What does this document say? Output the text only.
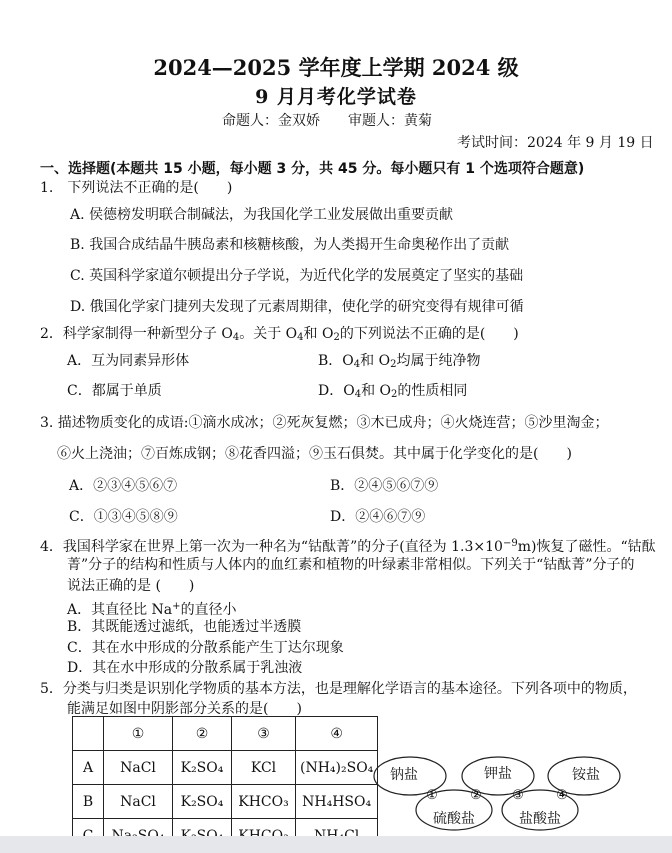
2024—2025 学年度上学期 2024 级
9 月月考化学试卷
命题人：金双娇　　审题人：黄菊
考试时间：2024 年 9 月 19 日
一、选择题(本题共 15 小题，每小题 3 分，共 45 分。每小题只有 1 个选项符合题意)
1.　下列说法不正确的是(　　)
A. 侯德榜发明联合制碱法，为我国化学工业发展做出重要贡献
B. 我国合成结晶牛胰岛素和核糖核酸，为人类揭开生命奥秘作出了贡献
C. 英国科学家道尔顿提出分子学说，为近代化学的发展奠定了坚实的基础
D. 俄国化学家门捷列夫发现了元素周期律，使化学的研究变得有规律可循
2．科学家制得一种新型分子 $O_4$。关于 $O_4$和 $O_2$的下列说法不正确的是(　　)
A．互为同素异形体	B．$O_4$和 $O_2$均属于纯净物
C．都属于单质	D．$O_4$和 $O_2$的性质相同
3. 描述物质变化的成语:①滴水成冰；②死灰复燃；③木已成舟；④火烧连营；⑤沙里淘金；
⑥火上浇油；⑦百炼成钢；⑧花香四溢；⑨玉石俱焚。其中属于化学变化的是(　　)
A．②③④⑤⑥⑦	B．②④⑤⑥⑦⑨
C．①③④⑤⑧⑨	D．②④⑥⑦⑨
4．我国科学家在世界上第一次为一种名为“钴酞菁”的分子(直径为 $1.3\times 10^{-9}m$)恢复了磁性。“钴酞
菁”分子的结构和性质与人体内的血红素和植物的叶绿素非常相似。下列关于“钴酞菁”分子的
说法正确的是 (　　)
A．其直径比 Na+的直径小
B．其既能透过滤纸，也能透过半透膜
C．其在水中形成的分散系能产生丁达尔现象
D．其在水中形成的分散系属于乳浊液
5．分类与归类是识别化学物质的基本方法，也是理解化学语言的基本途径。下列各项中的物质，
能满足如图中阴影部分关系的是(　　)
	①	②	③	④
A	NaCl	K₂SO₄	KCl	(NH₄)₂SO₄
B	NaCl	K₂SO₄	KHCO₃	NH₄HSO₄

钠盐	钾盐	铵盐
硫酸盐	盐酸盐
① ② ③ ④
